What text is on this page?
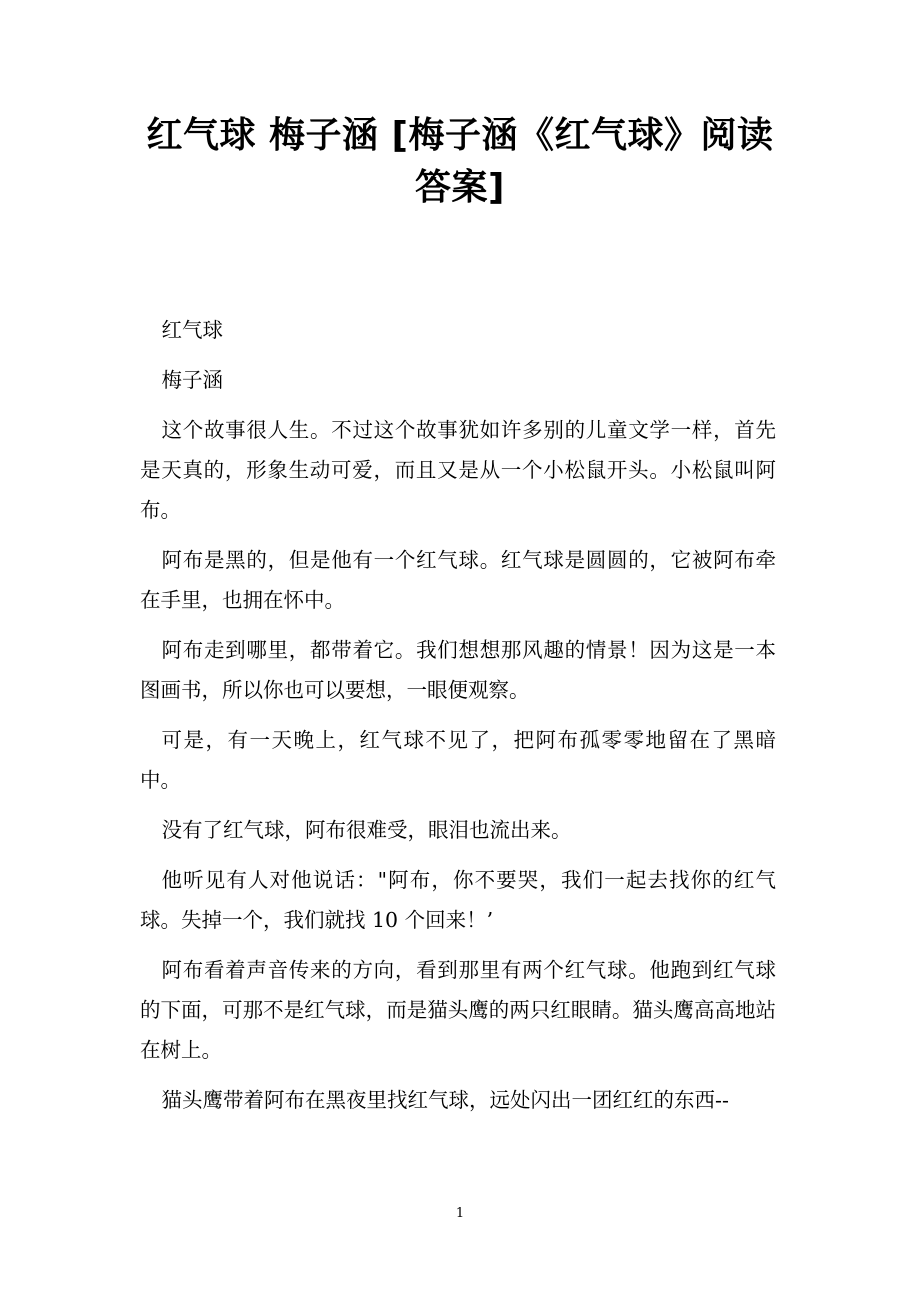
红气球 梅子涵 [梅子涵《红气球》阅读答案]

红气球

梅子涵

这个故事很人生。不过这个故事犹如许多别的儿童文学一样，首先是天真的，形象生动可爱，而且又是从一个小松鼠开头。小松鼠叫阿布。

阿布是黑的，但是他有一个红气球。红气球是圆圆的，它被阿布牵在手里，也拥在怀中。

阿布走到哪里，都带着它。我们想想那风趣的情景！因为这是一本图画书，所以你也可以要想，一眼便观察。

可是，有一天晚上，红气球不见了，把阿布孤零零地留在了黑暗中。

没有了红气球，阿布很难受，眼泪也流出来。

他听见有人对他说话："阿布，你不要哭，我们一起去找你的红气球。失掉一个，我们就找 10 个回来！’

阿布看着声音传来的方向，看到那里有两个红气球。他跑到红气球的下面，可那不是红气球，而是猫头鹰的两只红眼睛。猫头鹰高高地站在树上。

猫头鹰带着阿布在黑夜里找红气球，远处闪出一团红红的东西--

1
